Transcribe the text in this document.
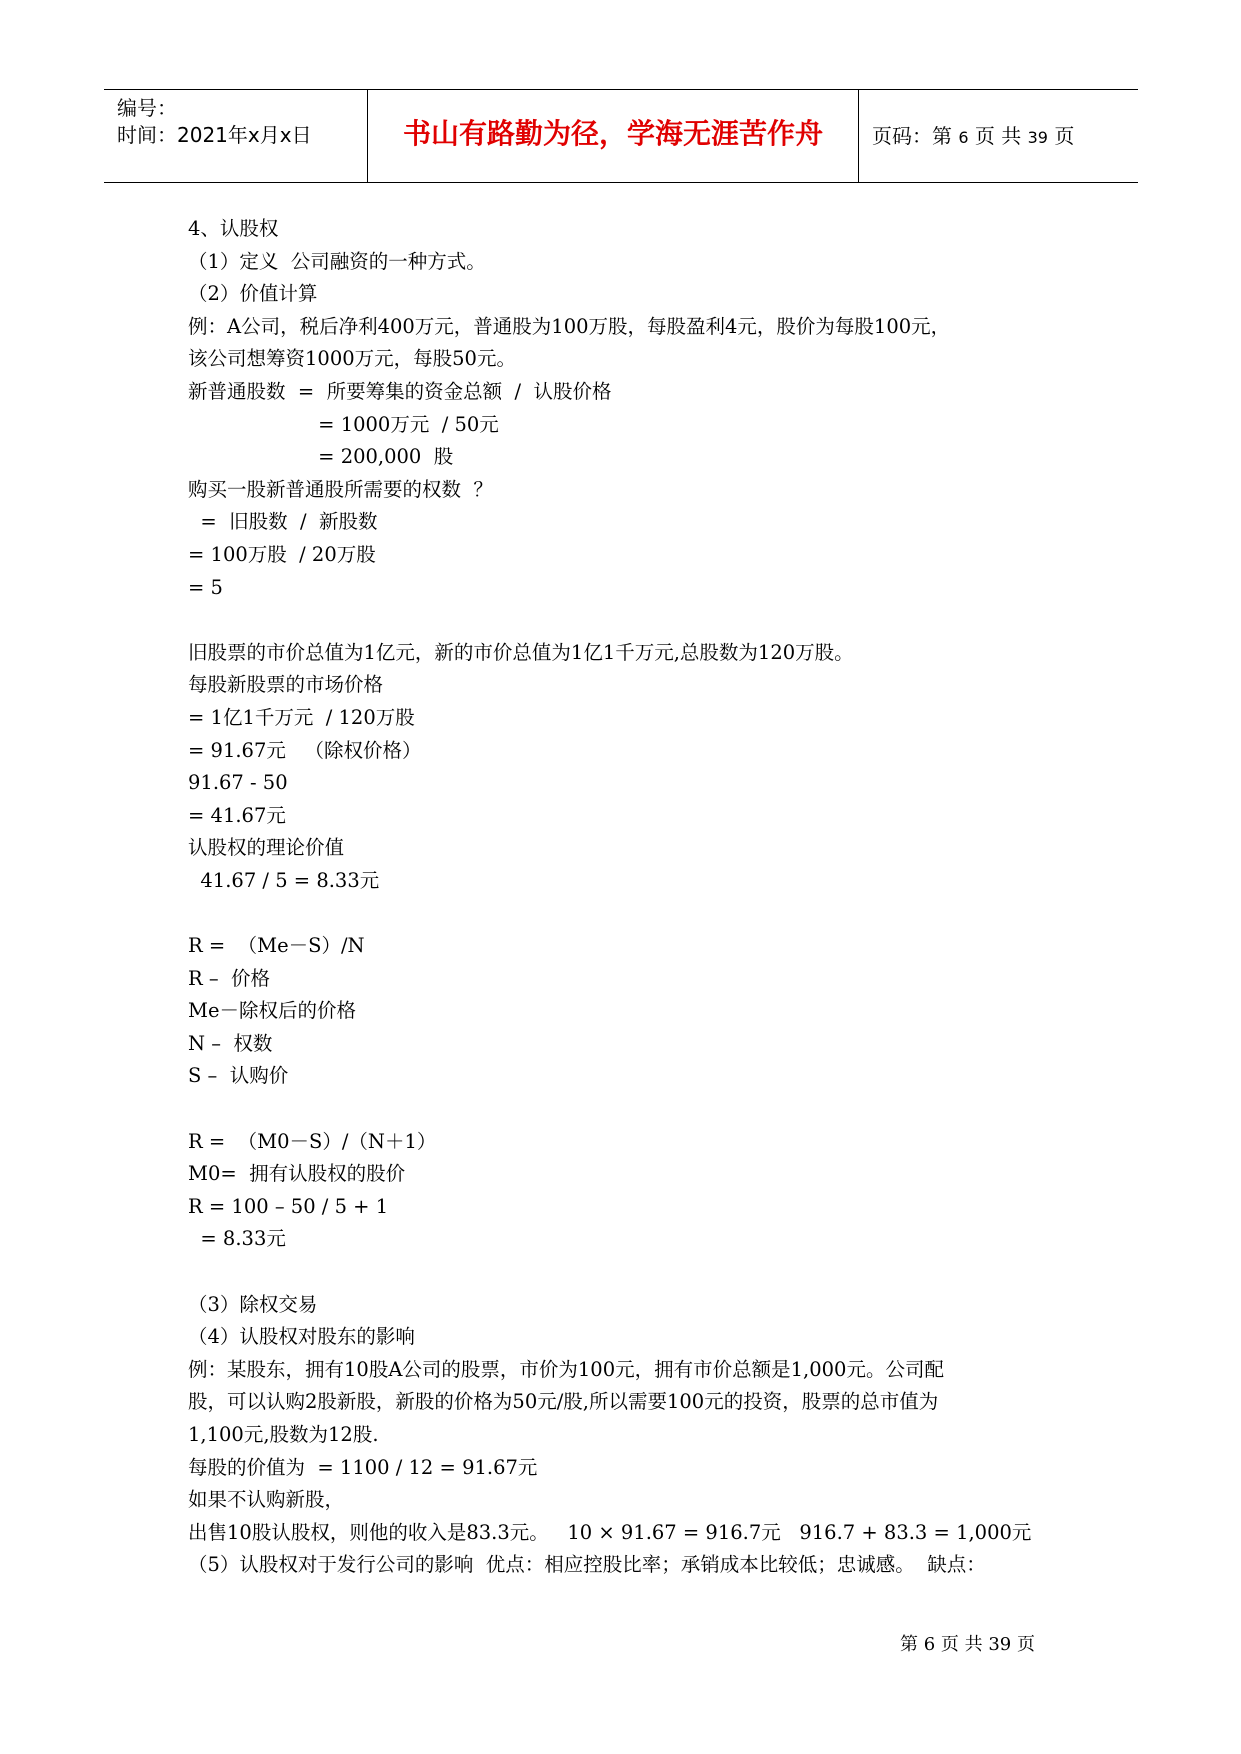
编号：
时间：2021年x月x日	书山有路勤为径，学海无涯苦作舟	页码：第 6 页 共 39 页
4、认股权
（1）定义  公司融资的一种方式。
（2）价值计算
例：A公司，税后净利400万元，普通股为100万股，每股盈利4元，股价为每股100元，
该公司想筹资1000万元，每股50元。
新普通股数  =  所要筹集的资金总额  /  认股价格
= 1000万元  / 50元
= 200,000  股
购买一股新普通股所需要的权数  ？
=  旧股数  /  新股数
= 100万股  / 20万股
= 5
旧股票的市价总值为1亿元，新的市价总值为1亿1千万元,总股数为120万股。
每股新股票的市场价格
= 1亿1千万元  / 120万股
= 91.67元   （除权价格）
91.67 - 50
= 41.67元
认股权的理论价值
41.67 / 5 = 8.33元
R =  （Me－S）/N
R –  价格
Me－除权后的价格
N –  权数
S –  认购价
R =  （M0－S）/（N＋1）
M0=  拥有认股权的股价
R = 100 – 50 / 5 + 1
= 8.33元
（3）除权交易
（4）认股权对股东的影响
例：某股东，拥有10股A公司的股票，市价为100元，拥有市价总额是1,000元。公司配
股，可以认购2股新股，新股的价格为50元/股,所以需要100元的投资，股票的总市值为
1,100元,股数为12股.
每股的价值为  = 1100 / 12 = 91.67元
如果不认购新股，
出售10股认股权，则他的收入是83.3元。   10 × 91.67 = 916.7元   916.7 + 83.3 = 1,000元
（5）认股权对于发行公司的影响  优点：相应控股比率；承销成本比较低；忠诚感。  缺点：
第 6 页 共 39 页
